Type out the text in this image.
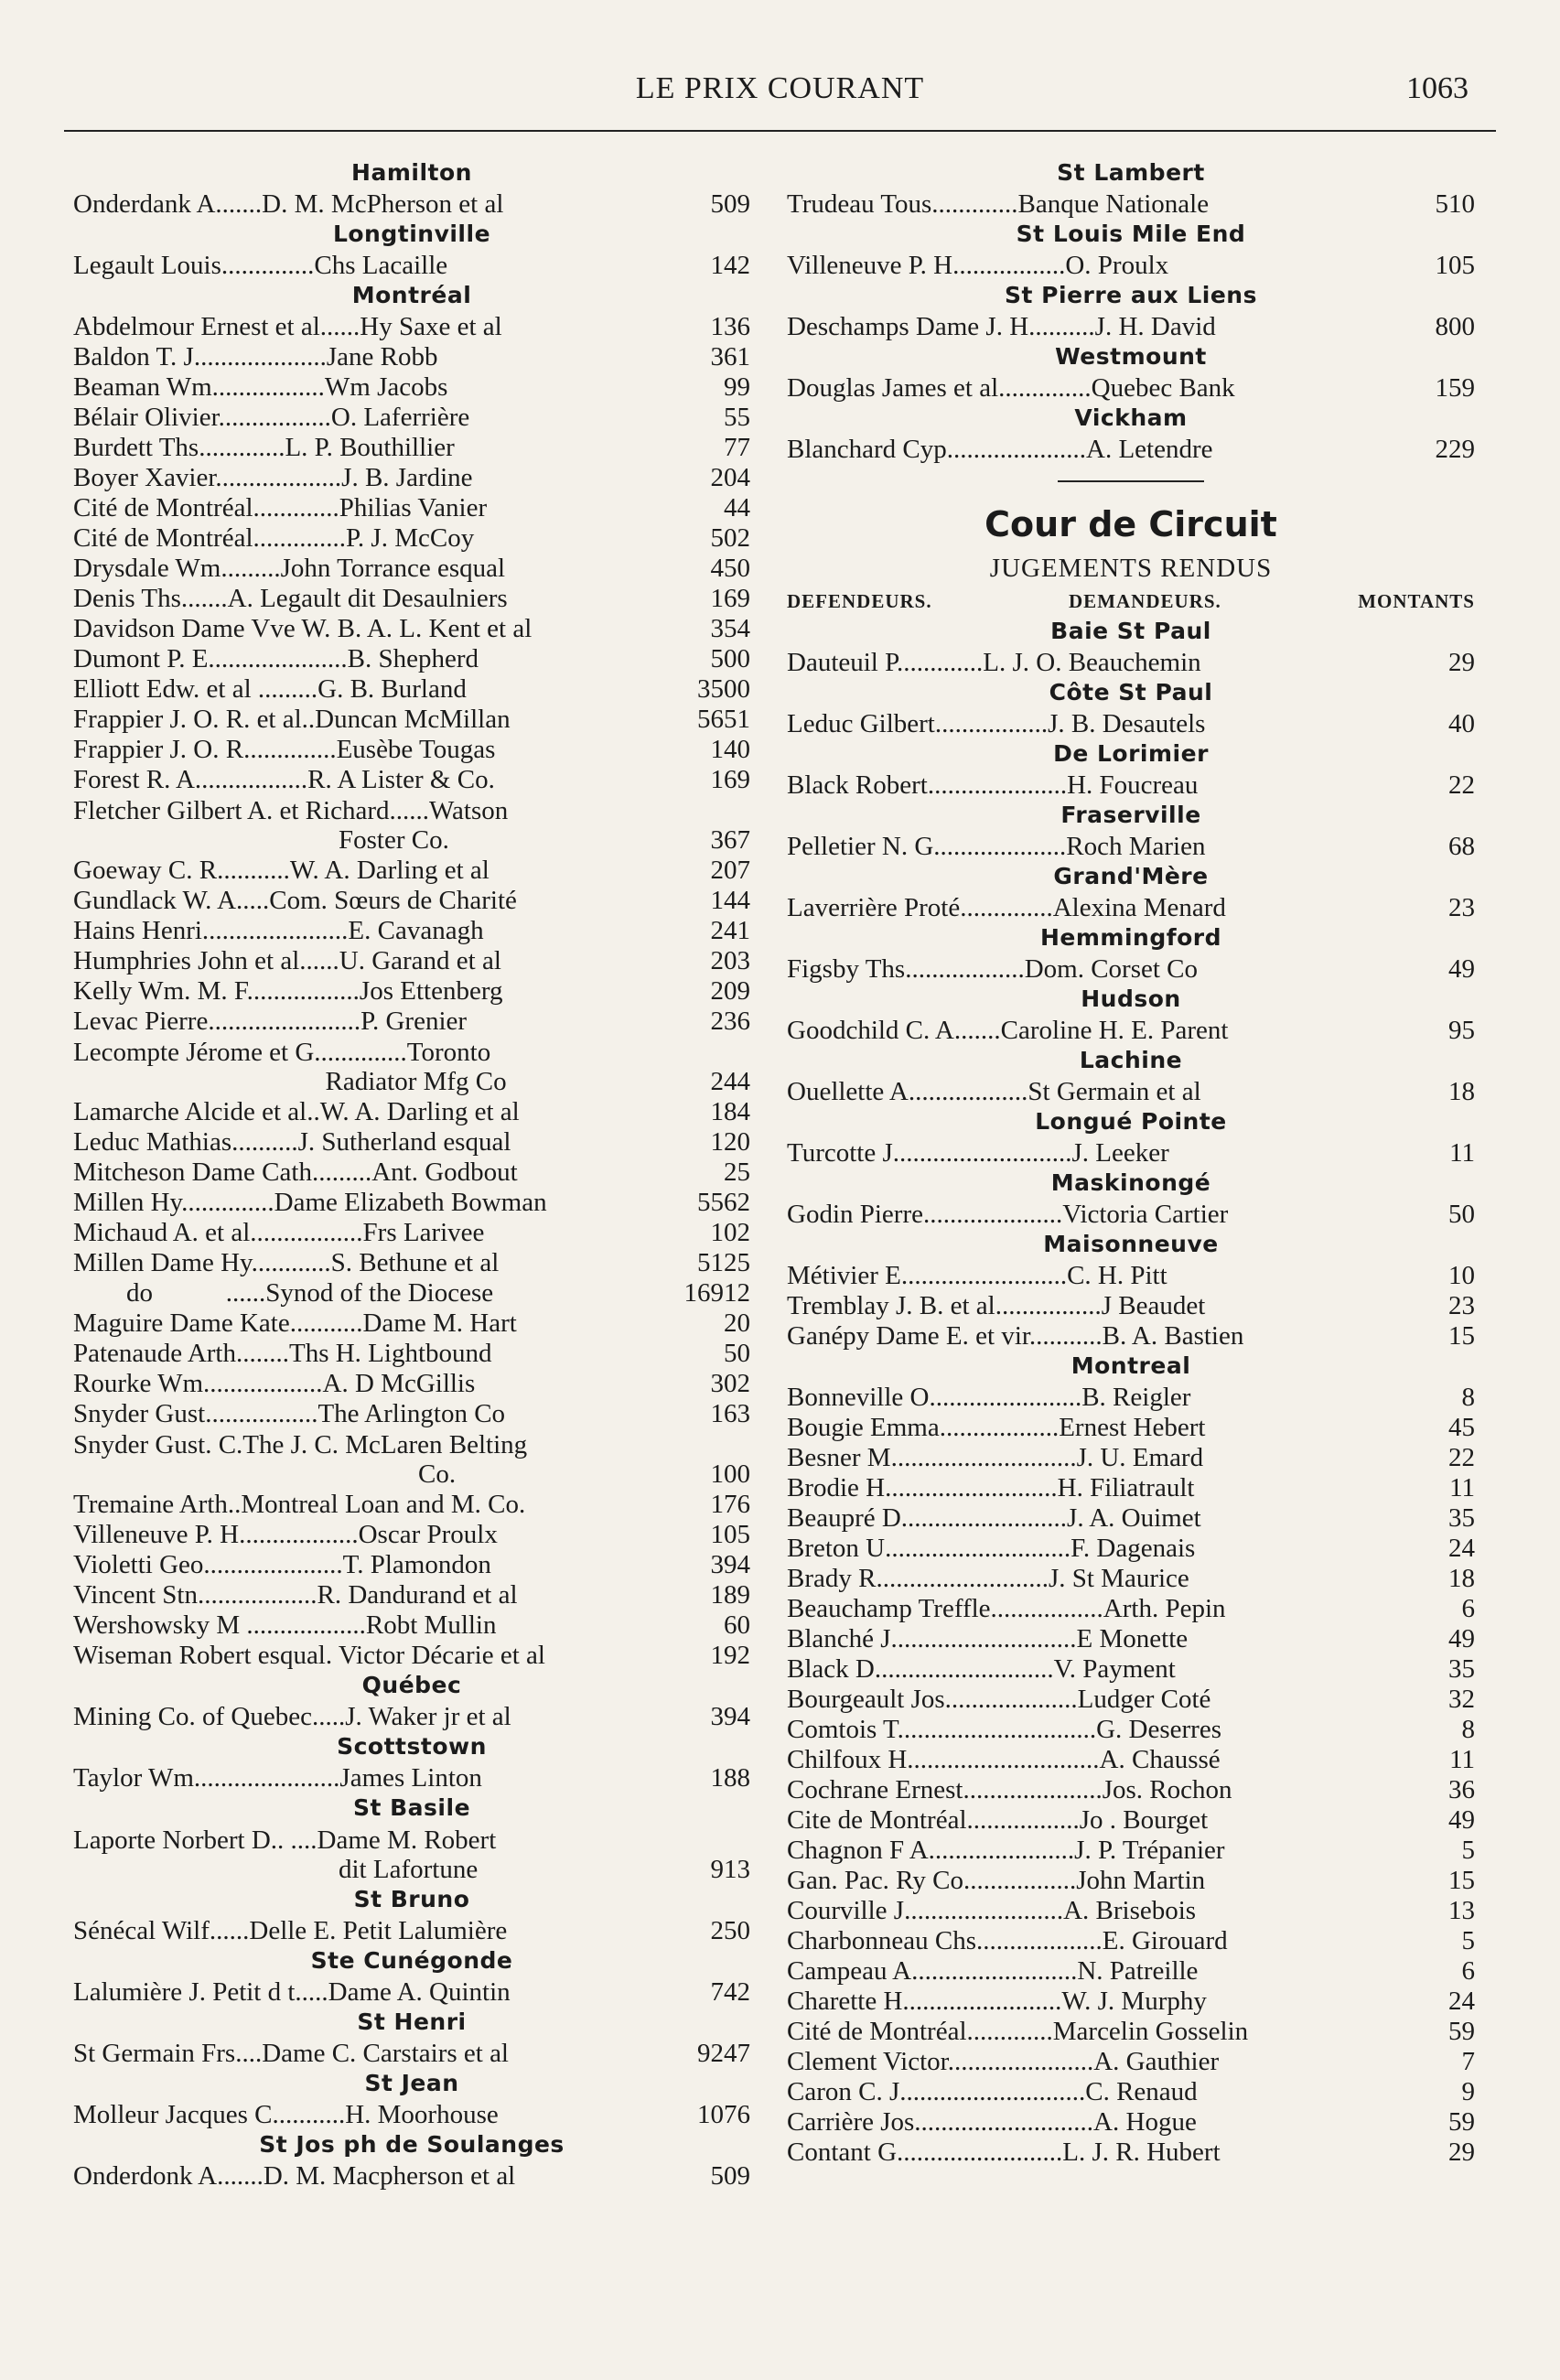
LE PRIX COURANT	1063
Hamilton
Onderdank A.......D. M. McPherson et al	509
Longtinville
Legault Louis..............Chs Lacaille	142
Montréal
Abdelmour Ernest et al......Hy Saxe et al	136
Baldon T. J....................Jane Robb	361
Beaman Wm.................Wm Jacobs	99
Bélair Olivier.................O. Laferrière	55
Burdett Ths.............L. P. Bouthillier	77
Boyer Xavier...................J. B. Jardine	204
Cité de Montréal.............Philias Vanier	44
Cité de Montréal..............P. J. McCoy	502
Drysdale Wm.........John Torrance esqual	450
Denis Ths.......A. Legault dit Desaulniers	169
Davidson Dame Vve W. B. A. L. Kent et al	354
Dumont P. E.....................B. Shepherd	500
Elliott Edw. et al .........G. B. Burland	3500
Frappier J. O. R. et al..Duncan McMillan	5651
Frappier J. O. R..............Eusèbe Tougas	140
Forest R. A.................R. A Lister & Co.	169
Fletcher Gilbert A. et Richard......Watson
Foster Co.	367
Goeway C. R...........W. A. Darling et al	207
Gundlack W. A.....Com. Sœurs de Charité	144
Hains Henri......................E. Cavanagh	241
Humphries John et al......U. Garand et al	203
Kelly Wm. M. F.................Jos Ettenberg	209
Levac Pierre.......................P. Grenier	236
Lecompte Jérome et G..............Toronto
Radiator Mfg Co	244
Lamarche Alcide et al..W. A. Darling et al	184
Leduc Mathias..........J. Sutherland esqual	120
Mitcheson Dame Cath.........Ant. Godbout	25
Millen Hy..............Dame Elizabeth Bowman	5562
Michaud A. et al.................Frs Larivee	102
Millen Dame Hy............S. Bethune et al	5125
do           ......Synod of the Diocese	16912
Maguire Dame Kate...........Dame M. Hart	20
Patenaude Arth........Ths H. Lightbound	50
Rourke Wm..................A. D McGillis	302
Snyder Gust.................The Arlington Co	163
Snyder Gust. C.The J. C. McLaren Belting
Co.	100
Tremaine Arth..Montreal Loan and M. Co.	176
Villeneuve P. H..................Oscar Proulx	105
Violetti Geo.....................T. Plamondon	394
Vincent Stn..................R. Dandurand et al	189
Wershowsky M ..................Robt Mullin	60
Wiseman Robert esqual. Victor Décarie et al	192
Québec
Mining Co. of Quebec.....J. Waker jr et al	394
Scottstown
Taylor Wm......................James Linton	188
St Basile
Laporte Norbert D.. ....Dame M. Robert
dit Lafortune	913
St Bruno
Sénécal Wilf......Delle E. Petit Lalumière	250
Ste Cunégonde
Lalumière J. Petit d t.....Dame A. Quintin	742
St Henri
St Germain Frs....Dame C. Carstairs et al	9247
St Jean
Molleur Jacques C...........H. Moorhouse	1076
St Jos ph de Soulanges
Onderdonk A.......D. M. Macpherson et al	509
St Lambert
Trudeau Tous.............Banque Nationale	510
St Louis Mile End
Villeneuve P. H.................O. Proulx	105
St Pierre aux Liens
Deschamps Dame J. H..........J. H. David	800
Westmount
Douglas James et al..............Quebec Bank	159
Vickham
Blanchard Cyp.....................A. Letendre	229
Cour de Circuit
JUGEMENTS RENDUS
DEFENDEURS.	DEMANDEURS.	MONTANTS
Baie St Paul
Dauteuil P.............L. J. O. Beauchemin	29
Côte St Paul
Leduc Gilbert.................J. B. Desautels	40
De Lorimier
Black Robert.....................H. Foucreau	22
Fraserville
Pelletier N. G....................Roch Marien	68
Grand'Mère
Laverrière Proté..............Alexina Menard	23
Hemmingford
Figsby Ths..................Dom. Corset Co	49
Hudson
Goodchild C. A.......Caroline H. E. Parent	95
Lachine
Ouellette A..................St Germain et al	18
Longué Pointe
Turcotte J...........................J. Leeker	11
Maskinongé
Godin Pierre.....................Victoria Cartier	50
Maisonneuve
Métivier E.........................C. H. Pitt	10
Tremblay J. B. et al................J Beaudet	23
Ganépy Dame E. et vir...........B. A. Bastien	15
Montreal
Bonneville O.......................B. Reigler	8
Bougie Emma..................Ernest Hebert	45
Besner M............................J. U. Emard	22
Brodie H..........................H. Filiatrault	11
Beaupré D.........................J. A. Ouimet	35
Breton U............................F. Dagenais	24
Brady R..........................J. St Maurice	18
Beauchamp Treffle.................Arth. Pepin	6
Blanché J............................E Monette	49
Black D...........................V. Payment	35
Bourgeault Jos....................Ludger Coté	32
Comtois T..............................G. Deserres	8
Chilfoux H.............................A. Chaussé	11
Cochrane Ernest.....................Jos. Rochon	36
Cite de Montréal.................Jo . Bourget	49
Chagnon F A......................J. P. Trépanier	5
Gan. Pac. Ry Co.................John Martin	15
Courville J........................A. Brisebois	13
Charbonneau Chs...................E. Girouard	5
Campeau A.........................N. Patreille	6
Charette H........................W. J. Murphy	24
Cité de Montréal.............Marcelin Gosselin	59
Clement Victor......................A. Gauthier	7
Caron C. J............................C. Renaud	9
Carrière Jos...........................A. Hogue	59
Contant G.........................L. J. R. Hubert	29
